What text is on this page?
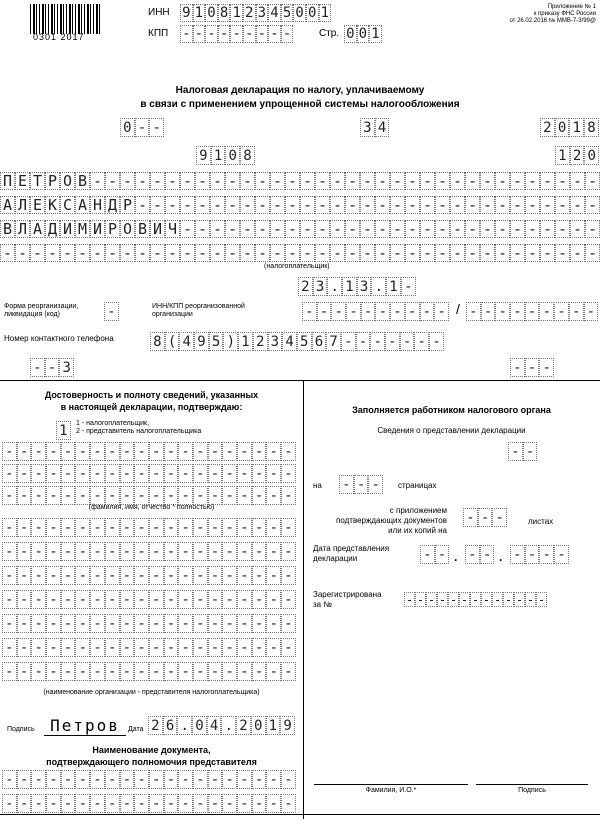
0301 2017
ИНН 9 1 0 8 1 2 3 4 5 0 0 1
КПП - - - - - - - - -	Стр. 0 0 1
Приложение № 1
к приказу ФНС России
от 26.02.2016 № ММВ-7-3/99@
Налоговая декларация по налогу, уплачиваемому
в связи с применением упрощенной системы налогообложения
0 - -	3 4	2 0 1 8
9 1 0 8	1 2 0
П Е Т Р О В - - - - - - - - - - - - - - - - - - - - - - - - - - - - - - - - - -
А Л Е К С А Н Д Р - - - - - - - - - - - - - - - - - - - - - - - - - - - - - - -
В Л А Д И М И Р О В И Ч - - - - - - - - - - - - - - - - - - - - - - - - - - - -
- - - - - - - - - - - - - - - - - - - - - - - - - - - - - - - - - - - - - - - -
(налогоплательщик)
2 3 . 1 3 . 1 -
Форма реорганизации, ликвидация (код)	-	ИНН/КПП реорганизованной организации	- - - - - - - - - - / - - - - - - - - -
Номер контактного телефона	8 ( 4 9 5 ) 1 2 3 4 5 6 7 - - - - - - -
- - 3	- - -
Достоверность и полноту сведений, указанных
в настоящей декларации, подтверждаю:
1	1 - налогоплательщик,
2 - представитель налогоплательщика
- - - - - - - - - - - - - - - - - - - -
- - - - - - - - - - - - - - - - - - - -
- - - - - - - - - - - - - - - - - - - -
(фамилия, имя, отчество * полностью)
- - - - - - - - - - - - - - - - - - - -
- - - - - - - - - - - - - - - - - - - -
- - - - - - - - - - - - - - - - - - - -
- - - - - - - - - - - - - - - - - - - -
- - - - - - - - - - - - - - - - - - - -
- - - - - - - - - - - - - - - - - - - -
- - - - - - - - - - - - - - - - - - - -
(наименование организации - представителя налогоплательщика)
Подпись Петров	Дата 2 6 . 0 4 . 2 0 1 9
Наименование документа,
подтверждающего полномочия представителя
- - - - - - - - - - - - - - - - - - - -
- - - - - - - - - - - - - - - - - - - -
Заполняется работником налогового органа
Сведения о представлении декларации
- -
на - - -	страницах
с приложением
подтверждающих документов
или их копий на
- - -	листах
Дата представления
декларации	- - . - - . - - - -
Зарегистрирована
за №	- - - - - - - - - - - - -
Фамилия, И.О.*	Подпись
